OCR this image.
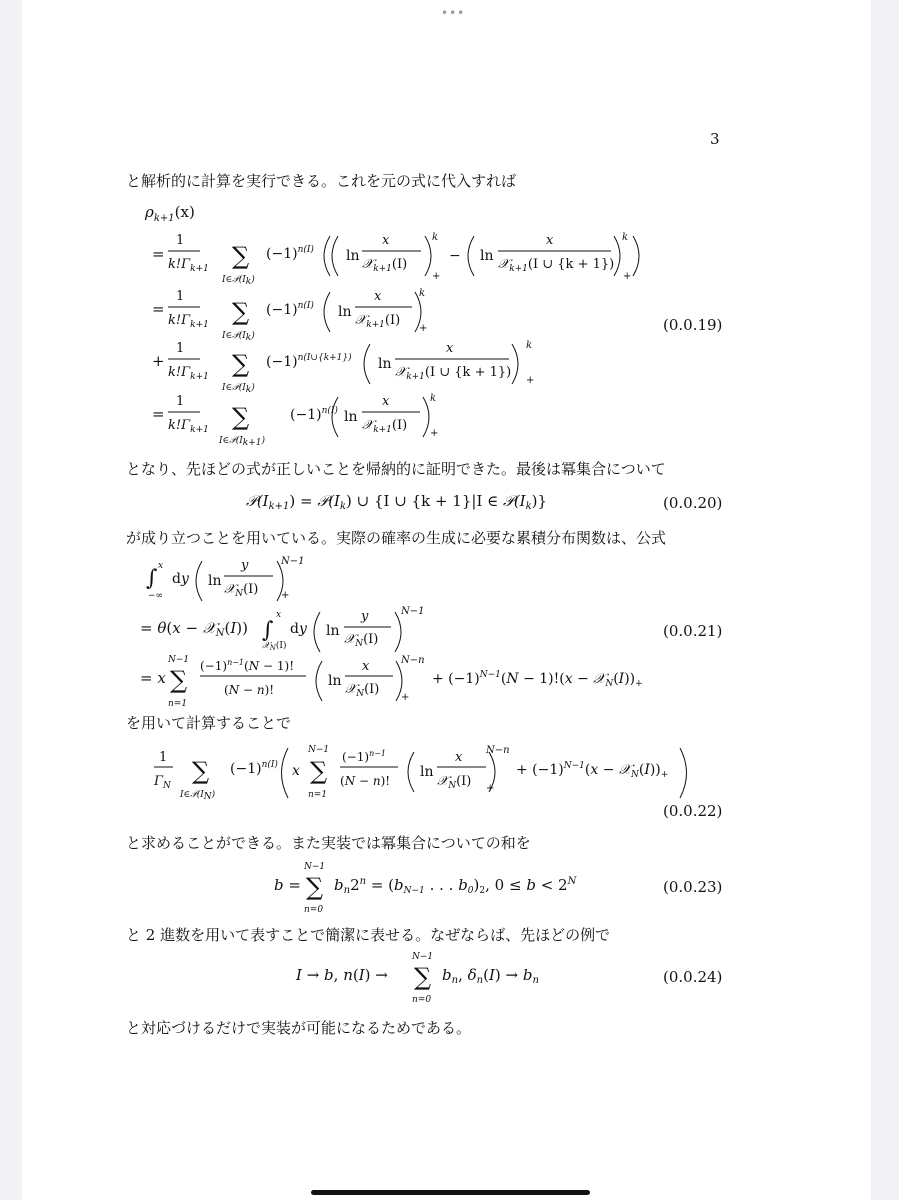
•••
3
と解析的に計算を実行できる。これを元の式に代入すれば
となり、先ほどの式が正しいことを帰納的に証明できた。最後は冪集合について
が成り立つことを用いている。実際の確率の生成に必要な累積分布関数は、公式
を用いて計算することで
と求めることができる。また実装では冪集合についての和を
と 2 進数を用いて表すことで簡潔に表せる。なぜならば、先ほどの例で
と対応づけるだけで実装が可能になるためである。
(0.0.19)
(0.0.20)
(0.0.21)
(0.0.22)
(0.0.23)
(0.0.24)
$\rho_{k+1}(x)$
=
1
$k!\Gamma_{k+1}$ ∑
I∈𝒫(Ik)
$(-1)^{n(I)}$ ln
x
𝒳$_{k+1}$(I)
k
+
− ln
x
𝒳$_{k+1}$(I ∪ {k + 1})
k
+
=
1
$k!\Gamma_{k+1}$ ∑
I∈𝒫(Ik)
$(-1)^{n(I)}$ ln
x
𝒳$_{k+1}$(I)
k
+
+
1
$k!\Gamma_{k+1}$ ∑
I∈𝒫(Ik)
$(-1)^{n(I\cup\{k+1\})}$ ln
x
𝒳$_{k+1}$(I ∪ {k + 1})
k
+
=
1
$k!\Gamma_{k+1}$ ∑
I∈𝒫(Ik+1)
$(-1)^{n(I)}$ ln
x
𝒳$_{k+1}$(I)
k
+
$𝒫(I_{k+1})$ = $𝒫(I_k)$ ∪ {I ∪ {k + 1}|I ∈ $𝒫(I_k)$}
∫ x
−∞
dy ln
y
𝒳$_N$(I)
N−1
+
= θ(x − 𝒳$_N$(I)) ∫
x
𝒳$_N$(I)
dy ln
y
𝒳$_N$(I)
N−1
= x
N−1
∑
n=1
$(-1)^{n-1}(N - 1)$!
(N − n)!
ln
x
𝒳$_N$(I)
N−n
+
+ $(-1)^{N-1}(N - 1)!(x$ − $𝒳_N(I))_+$
1
$\Gamma_N$
∑
I∈𝒫(IN)
$(-1)^{n(I)}$ x
N−1
∑
n=1
$(-1)^{n-1}$
(N − n)!
ln
x
𝒳$_N$(I)
N−n
+
+ $(-1)^{N-1}(x$ − $𝒳_N(I))_+$
b =
N−1
∑
n=0
$b_n2^n = (b_{N-1}$ . . . $b_0)_2$, $0 \le b < 2^N$
I → b, n(I) →
N−1
∑
n=0
$b_n$, $\delta_n(I) \to b_n$
